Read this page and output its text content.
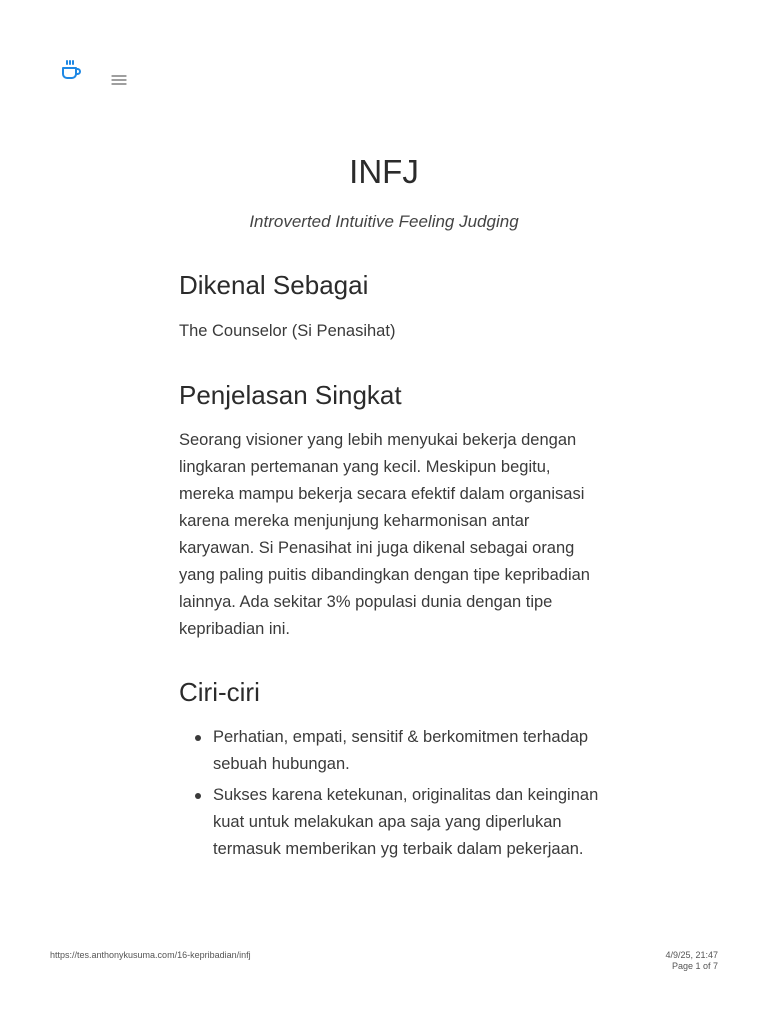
INFJ

Introverted Intuitive Feeling Judging

Dikenal Sebagai

The Counselor (Si Penasihat)

Penjelasan Singkat

Seorang visioner yang lebih menyukai bekerja dengan lingkaran pertemanan yang kecil. Meskipun begitu, mereka mampu bekerja secara efektif dalam organisasi karena mereka menjunjung keharmonisan antar karyawan. Si Penasihat ini juga dikenal sebagai orang yang paling puitis dibandingkan dengan tipe kepribadian lainnya. Ada sekitar 3% populasi dunia dengan tipe kepribadian ini.

Ciri-ciri
Perhatian, empati, sensitif & berkomitmen terhadap sebuah hubungan.
Sukses karena ketekunan, originalitas dan keinginan kuat untuk melakukan apa saja yang diperlukan termasuk memberikan yg terbaik dalam pekerjaan.
https://tes.anthonykusuma.com/16-kepribadian/infj	4/9/25, 21:47
Page 1 of 7
